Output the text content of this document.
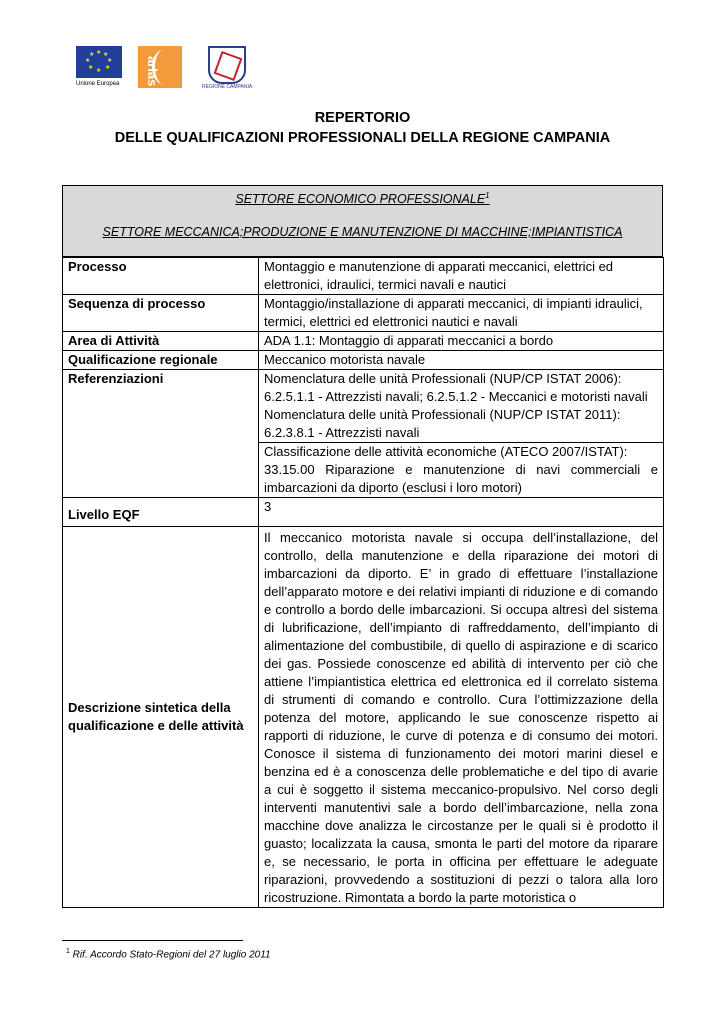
★ ★
★
★
★
★
★
★
Unione Europea arlas
REGIONE CAMPANIA
REPERTORIO
DELLE QUALIFICAZIONI PROFESSIONALI DELLA REGIONE CAMPANIA
SETTORE ECONOMICO PROFESSIONALE$^1$
SETTORE MECCANICA;PRODUZIONE E MANUTENZIONE DI MACCHINE;IMPIANTISTICA
Processo	Montaggio e manutenzione di apparati meccanici, elettrici ed elettronici, idraulici, termici navali e nautici
Sequenza di processo	Montaggio/installazione di apparati meccanici, di impianti idraulici, termici, elettrici ed elettronici nautici e navali
Area di Attività	ADA 1.1: Montaggio di apparati meccanici a bordo
Qualificazione regionale	Meccanico motorista navale
Referenziazioni	Nomenclatura delle unità Professionali (NUP/CP ISTAT 2006):
6.2.5.1.1 - Attrezzisti navali; 6.2.5.1.2 - Meccanici e motoristi navali
Nomenclatura delle unità Professionali (NUP/CP ISTAT 2011):
6.2.3.8.1 - Attrezzisti navali

	Classificazione delle attività economiche (ATECO 2007/ISTAT):
33.15.00 Riparazione e manutenzione di navi commerciali e imbarcazioni da diporto (esclusi i loro motori)

Livello EQF	3
Descrizione sintetica della qualificazione e delle attività	Il meccanico motorista navale si occupa dell’installazione, del controllo, della manutenzione e della riparazione dei motori di imbarcazioni da diporto. E’ in grado di effettuare l’installazione dell’apparato motore e dei relativi impianti di riduzione e di comando e controllo a bordo delle imbarcazioni. Si occupa altresì del sistema di lubrificazione, dell’impianto di raffreddamento, dell’impianto di alimentazione del combustibile, di quello di aspirazione e di scarico dei gas. Possiede conoscenze ed abilità di intervento per ciò che attiene l’impiantistica elettrica ed elettronica ed il correlato sistema di strumenti di comando e controllo. Cura l’ottimizzazione della potenza del motore, applicando le sue conoscenze rispetto ai rapporti di riduzione, le curve di potenza e di consumo dei motori. Conosce il sistema di funzionamento dei motori marini diesel e benzina ed è a conoscenza delle problematiche e del tipo di avarie a cui è soggetto il sistema meccanico-propulsivo. Nel corso degli interventi manutentivi sale a bordo dell’imbarcazione, nella zona macchine dove analizza le circostanze per le quali si è prodotto il guasto; localizzata la causa, smonta le parti del motore da riparare e, se necessario, le porta in officina per effettuare le adeguate riparazioni, provvedendo a sostituzioni di pezzi o talora alla loro ricostruzione. Rimontata a bordo la parte motoristica o
$^1$ Rif. Accordo Stato-Regioni del 27 luglio 2011
